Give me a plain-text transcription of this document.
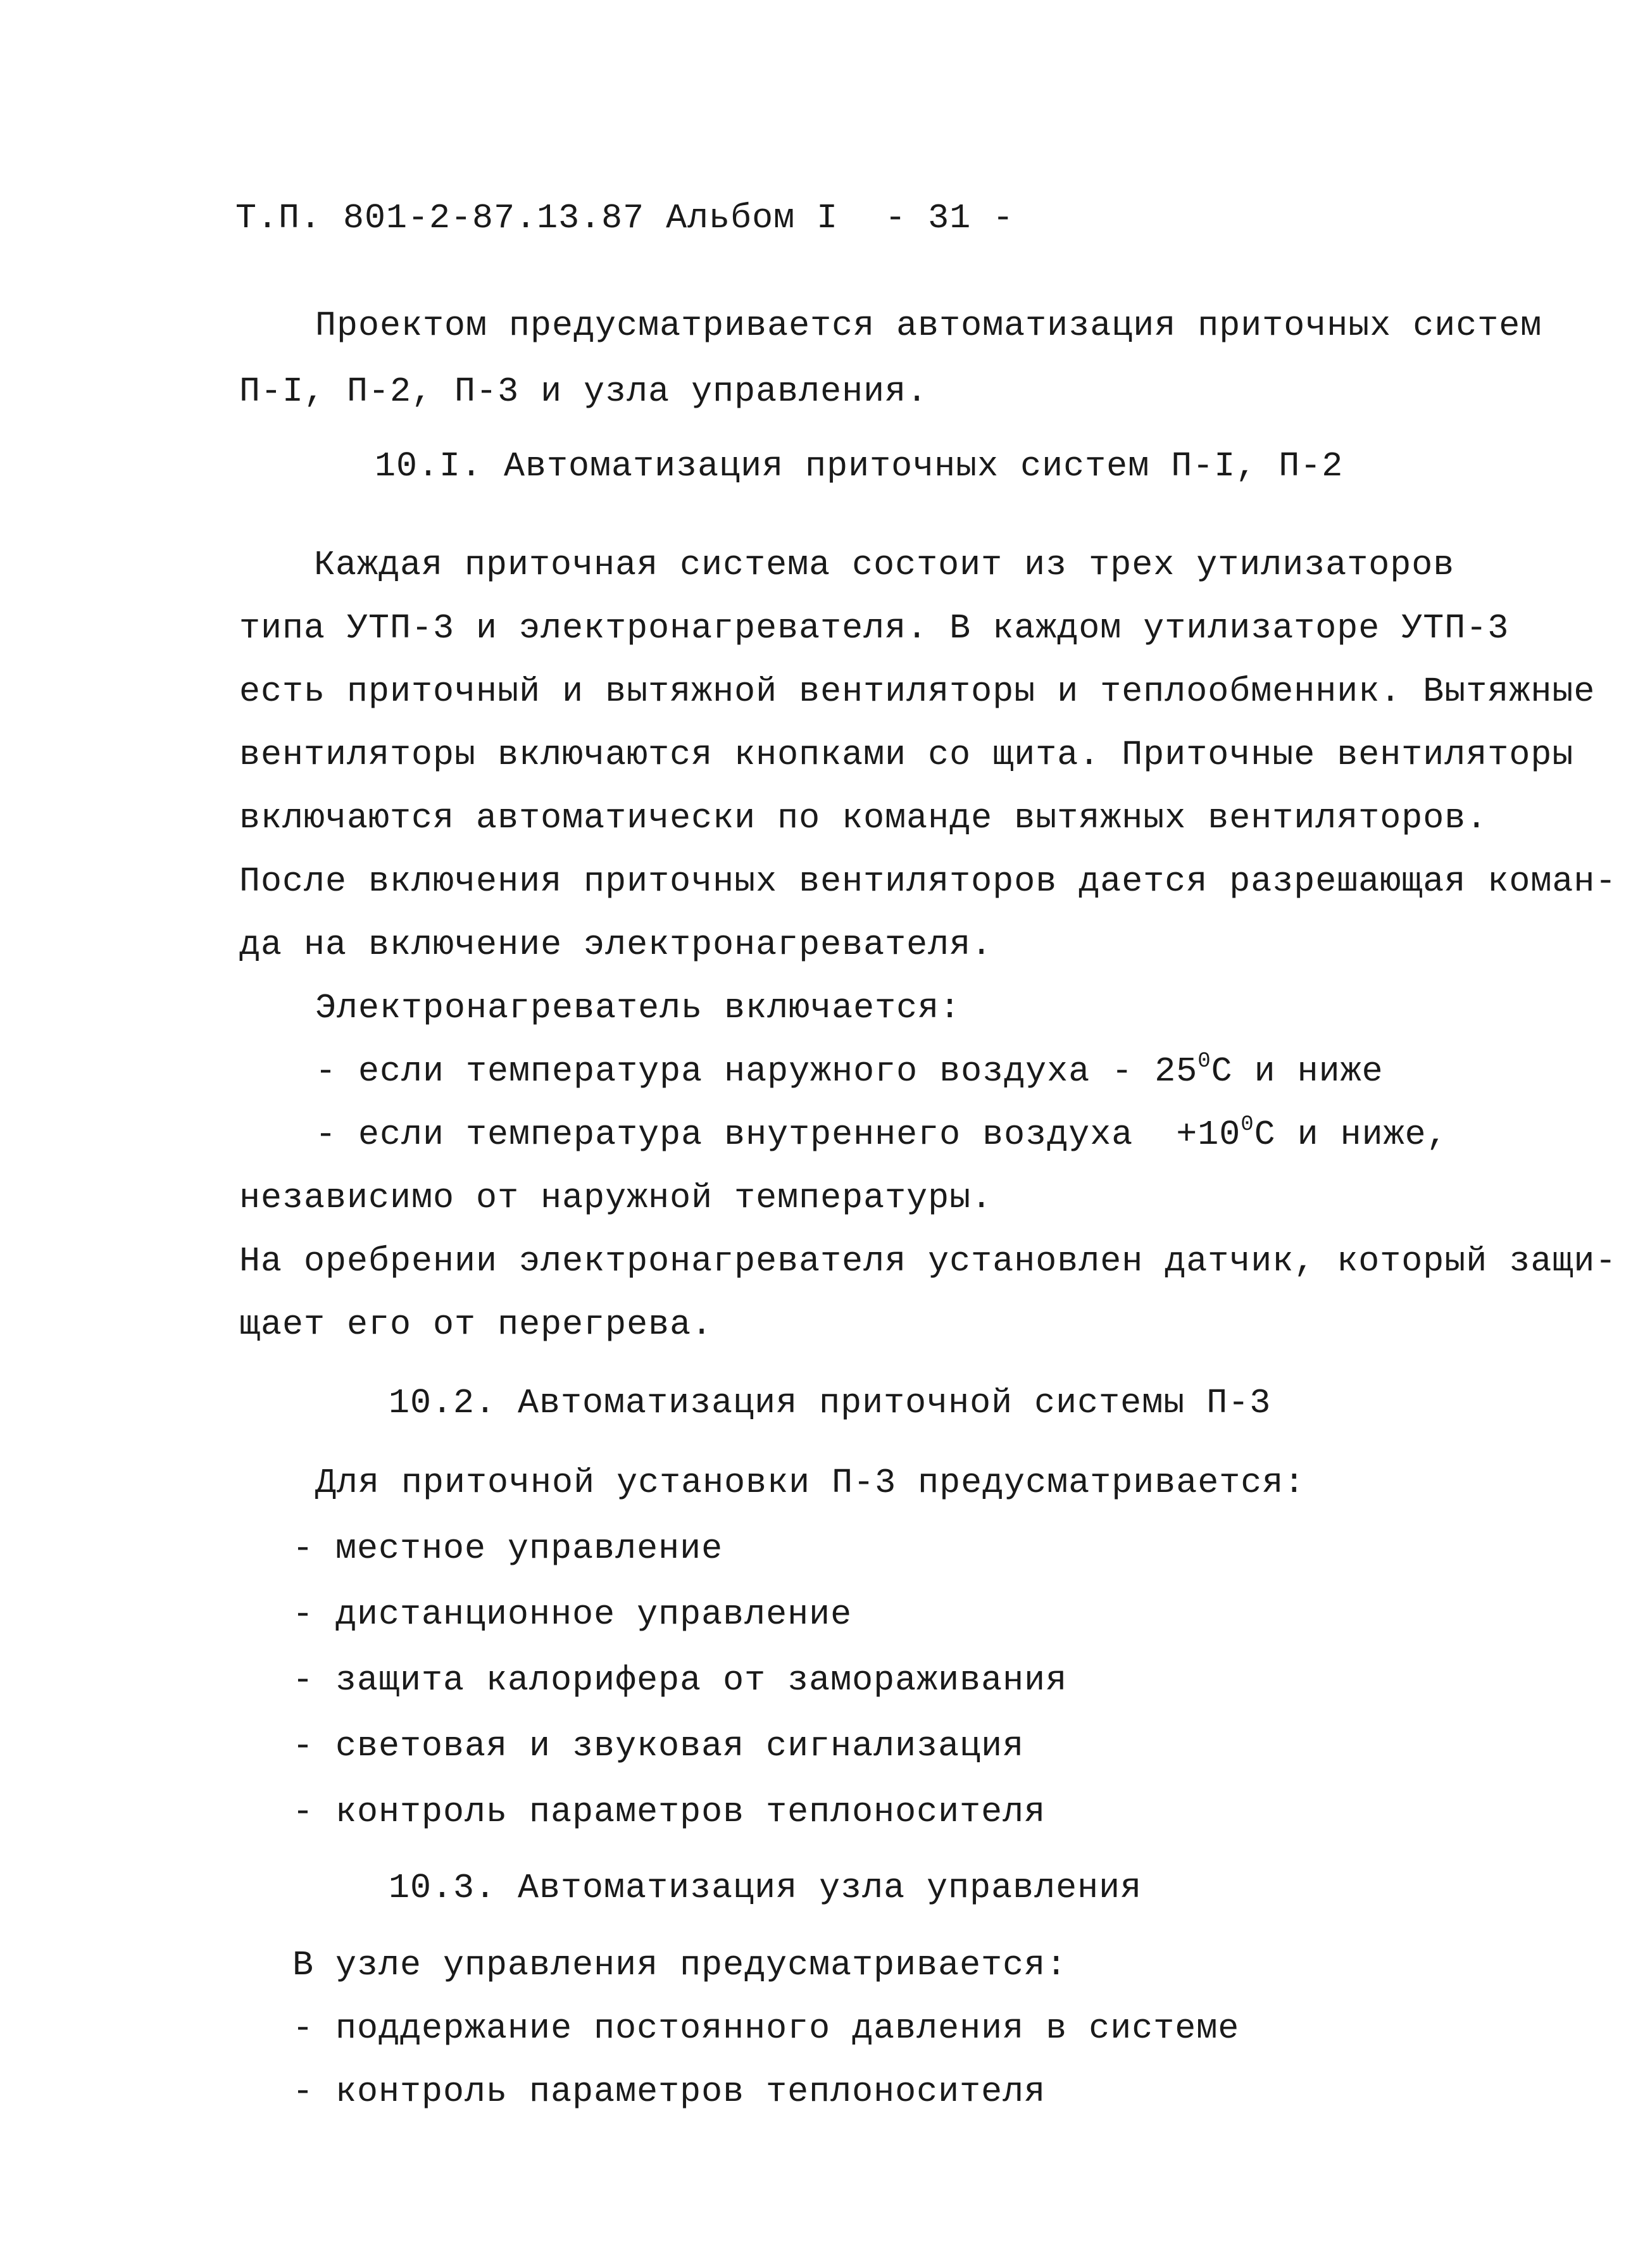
Т.П. 801-2-87.13.87 Альбом I - 31 -
Проектом предусматривается автоматизация приточных систем
П-I, П-2, П-3 и узла управления.
10.I. Автоматизация приточных систем П-I, П-2
Каждая приточная система состоит из трех утилизаторов
типа УТП-3 и электронагревателя. В каждом утилизаторе УТП-3
есть приточный и вытяжной вентиляторы и теплообменник. Вытяжные
вентиляторы включаются кнопками со щита. Приточные вентиляторы
включаются автоматически по команде вытяжных вентиляторов.
После включения приточных вентиляторов дается разрешающая коман-
да на включение электронагревателя.
Электронагреватель включается:
- если температура наружного воздуха - $25^0С$ и ниже
- если температура внутреннего воздуха  $+10^0С$ и ниже,
независимо от наружной температуры.
На оребрении электронагревателя установлен датчик, который защи-
щает его от перегрева.
10.2. Автоматизация приточной системы П-3
Для приточной установки П-3 предусматривается:
- местное управление
- дистанционное управление
- защита калорифера от замораживания
- световая и звуковая сигнализация
- контроль параметров теплоносителя
10.3. Автоматизация узла управления
В узле управления предусматривается:
- поддержание постоянного давления в системе
- контроль параметров теплоносителя
